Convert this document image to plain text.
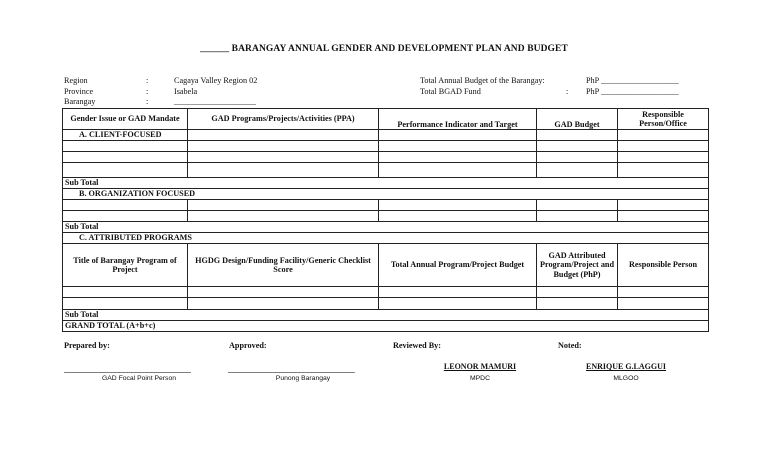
______ BARANGAY ANNUAL GENDER AND DEVELOPMENT PLAN AND BUDGET
Region	:	Cagaya Valley Region 02
Province	:	Isabela
Barangay	:	____________________
Total Annual Budget of the Barangay:	PhP ___________________
Total BGAD Fund	: PhP ___________________
Gender Issue or GAD Mandate	GAD Programs/Projects/Activities (PPA)	Performance Indicator and Target	GAD Budget	Responsible Person/Office
A. CLIENT-FOCUSED				

Sub Total				
B. ORGANIZATION FOCUSED				

Sub Total				
C. ATTRIBUTED PROGRAMS				
Title of Barangay Program of Project	HGDG Design/Funding Facility/Generic Checklist Score	Total Annual Program/Project Budget	GAD Attributed Program/Project and Budget (PhP)	Responsible Person

Sub Total				
GRAND TOTAL (A+b+c)				
Prepared by:	Approved:	Reviewed By:	Noted:
________________________________
GAD Focal Point Person
________________________________
Punong Barangay
LEONOR MAMURI
MPDC
ENRIQUE G.LAGGUI
MLGOO
